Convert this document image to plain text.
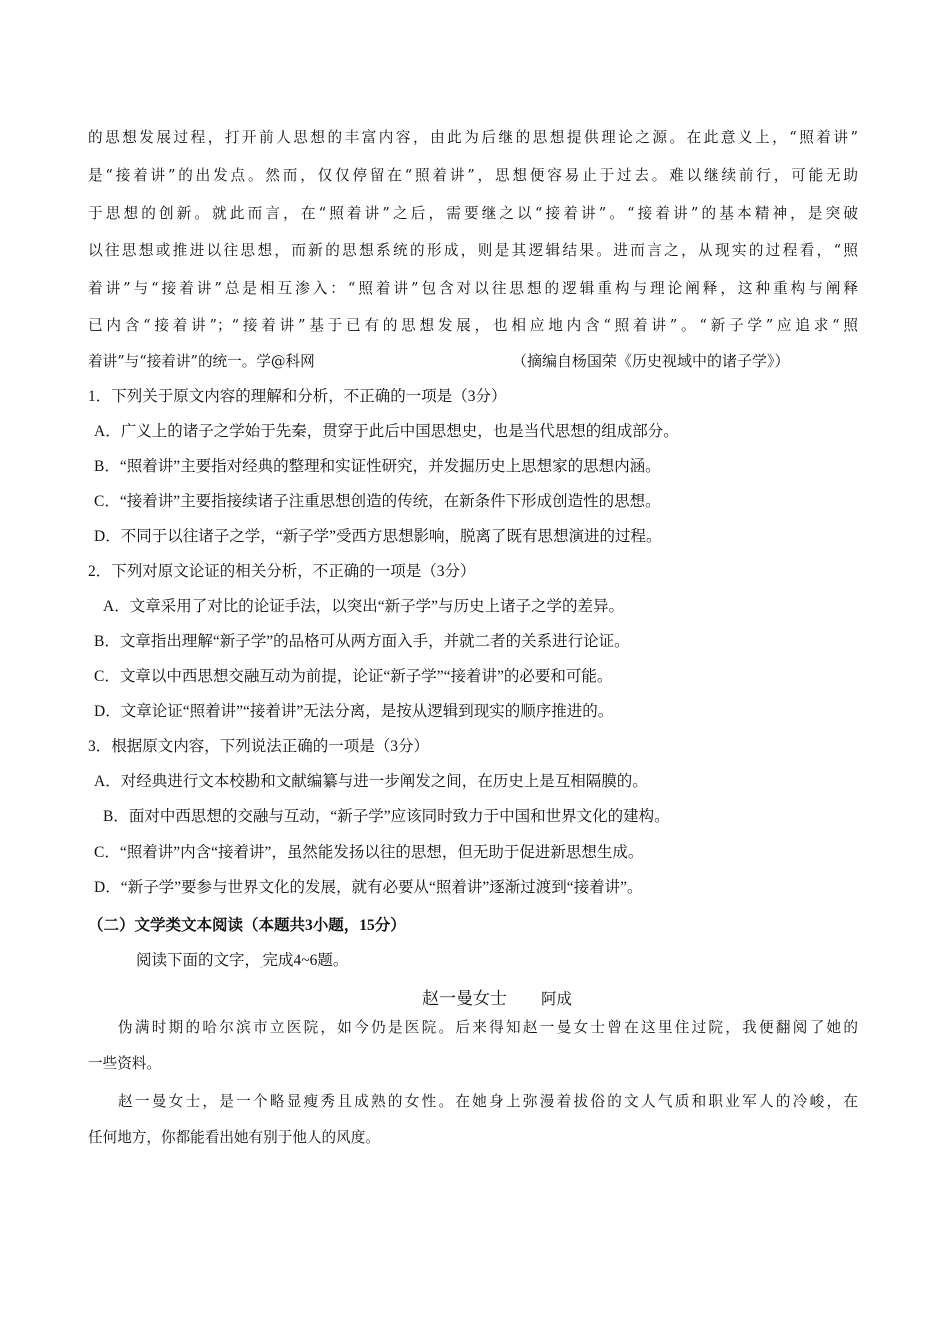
的思想发展过程，打开前人思想的丰富内容，由此为后继的思想提供理论之源。在此意义上，“照着讲”
是“接着讲”的出发点。然而，仅仅停留在“照着讲”，思想便容易止于过去。难以继续前行，可能无助
于思想的创新。就此而言，在“照着讲”之后，需要继之以“接着讲”。“接着讲”的基本精神，是突破
以往思想或推进以往思想，而新的思想系统的形成，则是其逻辑结果。进而言之，从现实的过程看，“照
着讲”与“接着讲”总是相互渗入：“照着讲”包含对以往思想的逻辑重构与理论阐释，这种重构与阐释
已内含“接着讲”；“接着讲”基于已有的思想发展，也相应地内含“照着讲”。“新子学”应追求“照
着讲”与“接着讲”的统一。学@科网	（摘编自杨国荣《历史视域中的诸子学》）
1．下列关于原文内容的理解和分析，不正确的一项是（3分）
A．广义上的诸子之学始于先秦，贯穿于此后中国思想史，也是当代思想的组成部分。
B．“照着讲”主要指对经典的整理和实证性研究，并发掘历史上思想家的思想内涵。
C．“接着讲”主要指接续诸子注重思想创造的传统，在新条件下形成创造性的思想。
D．不同于以往诸子之学，“新子学”受西方思想影响，脱离了既有思想演进的过程。
2．下列对原文论证的相关分析，不正确的一项是（3分）
A．文章采用了对比的论证手法，以突出“新子学”与历史上诸子之学的差异。
B．文章指出理解“新子学”的品格可从两方面入手，并就二者的关系进行论证。
C．文章以中西思想交融互动为前提，论证“新子学”“接着讲”的必要和可能。
D．文章论证“照着讲”“接着讲”无法分离，是按从逻辑到现实的顺序推进的。
3．根据原文内容，下列说法正确的一项是（3分）
A．对经典进行文本校勘和文献编纂与进一步阐发之间，在历史上是互相隔膜的。
B．面对中西思想的交融与互动，“新子学”应该同时致力于中国和世界文化的建构。
C．“照着讲”内含“接着讲”，虽然能发扬以往的思想，但无助于促进新思想生成。
D．“新子学”要参与世界文化的发展，就有必要从“照着讲”逐渐过渡到“接着讲”。
（二）文学类文本阅读（本题共3小题，15分）
阅读下面的文字，.完成4~6题。
赵一曼女士 阿成
伪满时期的哈尔滨市立医院，如今仍是医院。后来得知赵一曼女士曾在这里住过院，我便翻阅了她的
一些资料。
赵一曼女士，是一个略显瘦秀且成熟的女性。在她身上弥漫着拔俗的文人气质和职业军人的冷峻，在
任何地方，你都能看出她有别于他人的风度。
